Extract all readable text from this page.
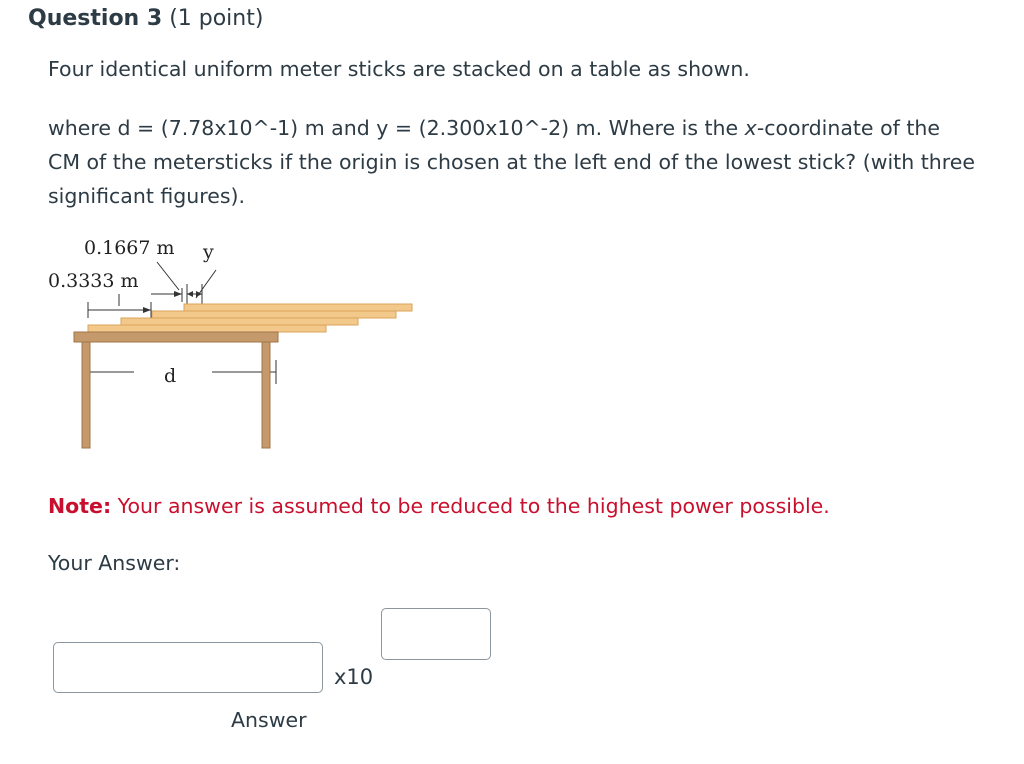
Question 3 (1 point)
Four identical uniform meter sticks are stacked on a table as shown.
where d = (7.78x10^-1) m and y = (2.300x10^-2) m. Where is the x-coordinate of the CM of the metersticks if the origin is chosen at the left end of the lowest stick? (with three significant figures).
0.1667 m y
0.3333 m
d
Note: Your answer is assumed to be reduced to the highest power possible.
Your Answer:
x10
Answer
